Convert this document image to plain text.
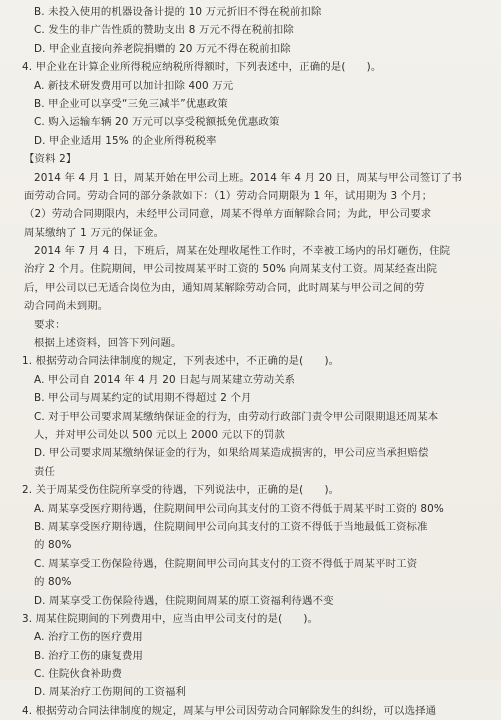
B. 未投入使用的机器设备计提的 10 万元折旧不得在税前扣除
C. 发生的非广告性质的赞助支出 8 万元不得在税前扣除
D. 甲企业直接向养老院捐赠的 20 万元不得在税前扣除
4. 甲企业在计算企业所得税应纳税所得额时，下列表述中，正确的是(　　)。
A. 新技术研发费用可以加计扣除 400 万元
B. 甲企业可以享受“三免三减半”优惠政策
C. 购入运输车辆 20 万元可以享受税额抵免优惠政策
D. 甲企业适用 15% 的企业所得税税率
【资料 2】
2014 年 4 月 1 日，周某开始在甲公司上班。2014 年 4 月 20 日，周某与甲公司签订了书
面劳动合同。劳动合同的部分条款如下：（1）劳动合同期限为 1 年，试用期为 3 个月；
（2）劳动合同期限内，未经甲公司同意，周某不得单方面解除合同；为此，甲公司要求
周某缴纳了 1 万元的保证金。
2014 年 7 月 4 日，下班后，周某在处理收尾性工作时，不幸被工场内的吊灯砸伤，住院
治疗 2 个月。住院期间，甲公司按周某平时工资的 50% 向周某支付工资。周某经查出院
后，甲公司以已无适合岗位为由，通知周某解除劳动合同，此时周某与甲公司之间的劳
动合同尚未到期。
要求：
根据上述资料，回答下列问题。
1. 根据劳动合同法律制度的规定，下列表述中，不正确的是(　　)。
A. 甲公司自 2014 年 4 月 20 日起与周某建立劳动关系
B. 甲公司与周某约定的试用期不得超过 2 个月
C. 对于甲公司要求周某缴纳保证金的行为，由劳动行政部门责令甲公司限期退还周某本
人，并对甲公司处以 500 元以上 2000 元以下的罚款
D. 甲公司要求周某缴纳保证金的行为，如果给周某造成损害的，甲公司应当承担赔偿
责任
2. 关于周某受伤住院所享受的待遇，下列说法中，正确的是(　　)。
A. 周某享受医疗期待遇，住院期间甲公司向其支付的工资不得低于周某平时工资的 80%
B. 周某享受医疗期待遇，住院期间甲公司向其支付的工资不得低于当地最低工资标准
的 80%
C. 周某享受工伤保险待遇，住院期间甲公司向其支付的工资不得低于周某平时工资
的 80%
D. 周某享受工伤保险待遇，住院期间周某的原工资福利待遇不变
3. 周某住院期间的下列费用中，应当由甲公司支付的是(　　)。
A. 治疗工伤的医疗费用
B. 治疗工伤的康复费用
C. 住院伙食补助费
D. 周某治疗工伤期间的工资福利
4. 根据劳动合同法律制度的规定，周某与甲公司因劳动合同解除发生的纠纷，可以选择通
